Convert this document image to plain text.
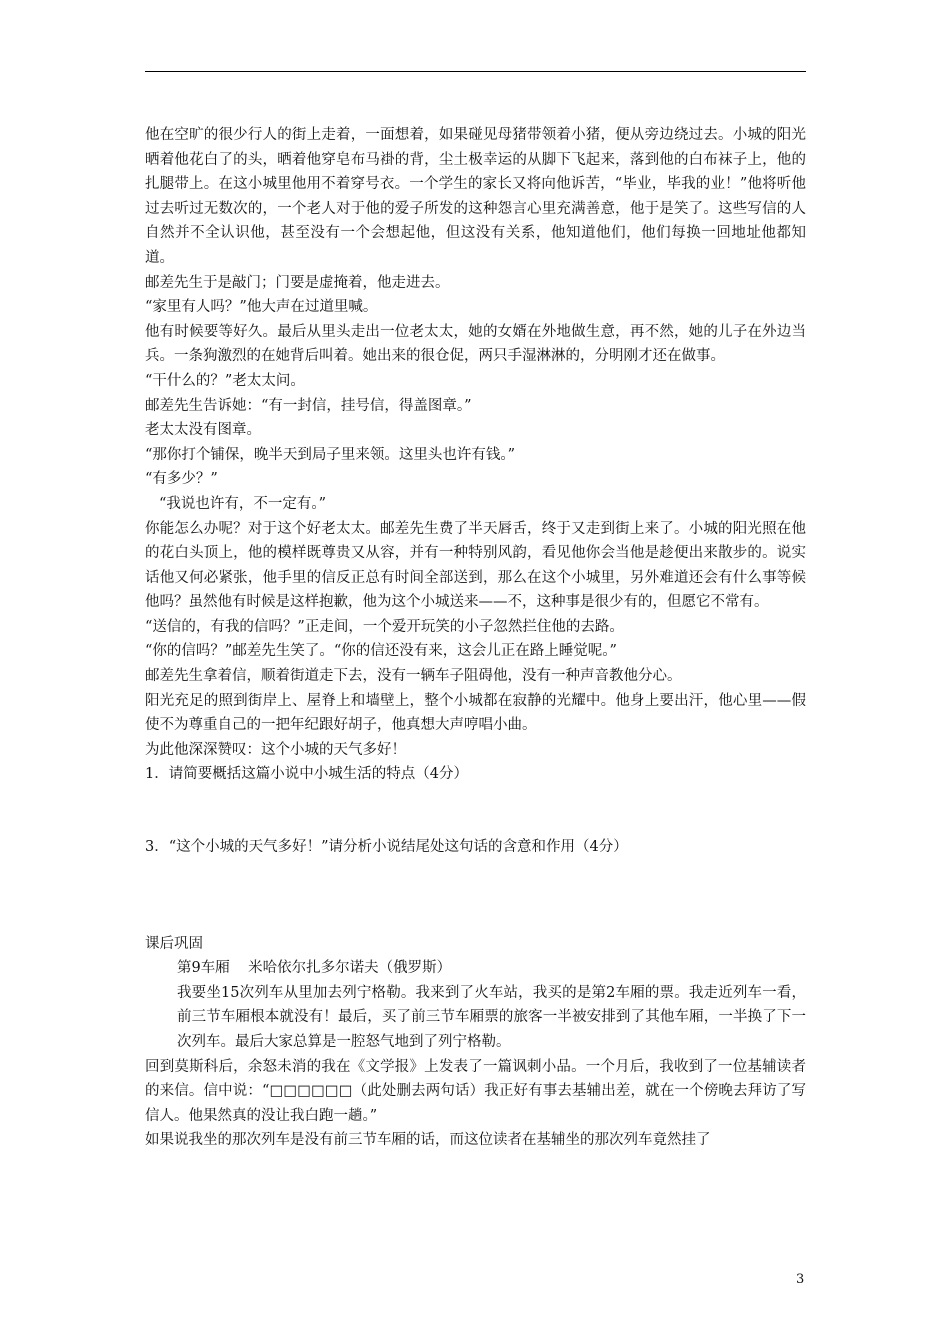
他在空旷的很少行人的街上走着，一面想着，如果碰见母猪带领着小猪，便从旁边绕过去。小城的阳光晒着他花白了的头，晒着他穿皂布马褂的背，尘土极幸运的从脚下飞起来，落到他的白布袜子上，他的扎腿带上。在这小城里他用不着穿号衣。一个学生的家长又将向他诉苦，“毕业，毕我的业！”他将听他过去听过无数次的，一个老人对于他的爱子所发的这种怨言心里充满善意，他于是笑了。这些写信的人自然并不全认识他，甚至没有一个会想起他，但这没有关系，他知道他们，他们每换一回地址他都知道。

邮差先生于是敲门；门要是虚掩着，他走进去。

“家里有人吗？”他大声在过道里喊。

他有时候要等好久。最后从里头走出一位老太太，她的女婿在外地做生意，再不然，她的儿子在外边当兵。一条狗激烈的在她背后叫着。她出来的很仓促，两只手湿淋淋的，分明刚才还在做事。

“干什么的？”老太太问。

邮差先生告诉她：“有一封信，挂号信，得盖图章。”

老太太没有图章。

“那你打个铺保，晚半天到局子里来领。这里头也许有钱。”

“有多少？”

“我说也许有，不一定有。”

你能怎么办呢？对于这个好老太太。邮差先生费了半天唇舌，终于又走到街上来了。小城的阳光照在他的花白头顶上，他的模样既尊贵又从容，并有一种特别风韵，看见他你会当他是趁便出来散步的。说实话他又何必紧张，他手里的信反正总有时间全部送到，那么在这个小城里，另外难道还会有什么事等候他吗？虽然他有时候是这样抱歉，他为这个小城送来——不，这种事是很少有的，但愿它不常有。

“送信的，有我的信吗？”正走间，一个爱开玩笑的小子忽然拦住他的去路。

“你的信吗？”邮差先生笑了。“你的信还没有来，这会儿正在路上睡觉呢。”

邮差先生拿着信，顺着街道走下去，没有一辆车子阻碍他，没有一种声音教他分心。

阳光充足的照到街岸上、屋脊上和墙壁上，整个小城都在寂静的光耀中。他身上要出汗，他心里——假使不为尊重自己的一把年纪跟好胡子，他真想大声哼唱小曲。

为此他深深赞叹：这个小城的天气多好！

1．请简要概括这篇小说中小城生活的特点（4分）

3．“这个小城的天气多好！”请分析小说结尾处这句话的含意和作用（4分）

课后巩固

第9车厢    米哈依尔扎多尔诺夫（俄罗斯）

我要坐15次列车从里加去列宁格勒。我来到了火车站，我买的是第2车厢的票。我走近列车一看，前三节车厢根本就没有！最后，买了前三节车厢票的旅客一半被安排到了其他车厢，一半换了下一次列车。最后大家总算是一腔怒气地到了列宁格勒。

回到莫斯科后，余怒未消的我在《文学报》上发表了一篇讽刺小品。一个月后，我收到了一位基辅读者的来信。信中说：“□□□□□□（此处删去两句话）我正好有事去基辅出差，就在一个傍晚去拜访了写信人。他果然真的没让我白跑一趟。”

如果说我坐的那次列车是没有前三节车厢的话，而这位读者在基辅坐的那次列车竟然挂了

3
